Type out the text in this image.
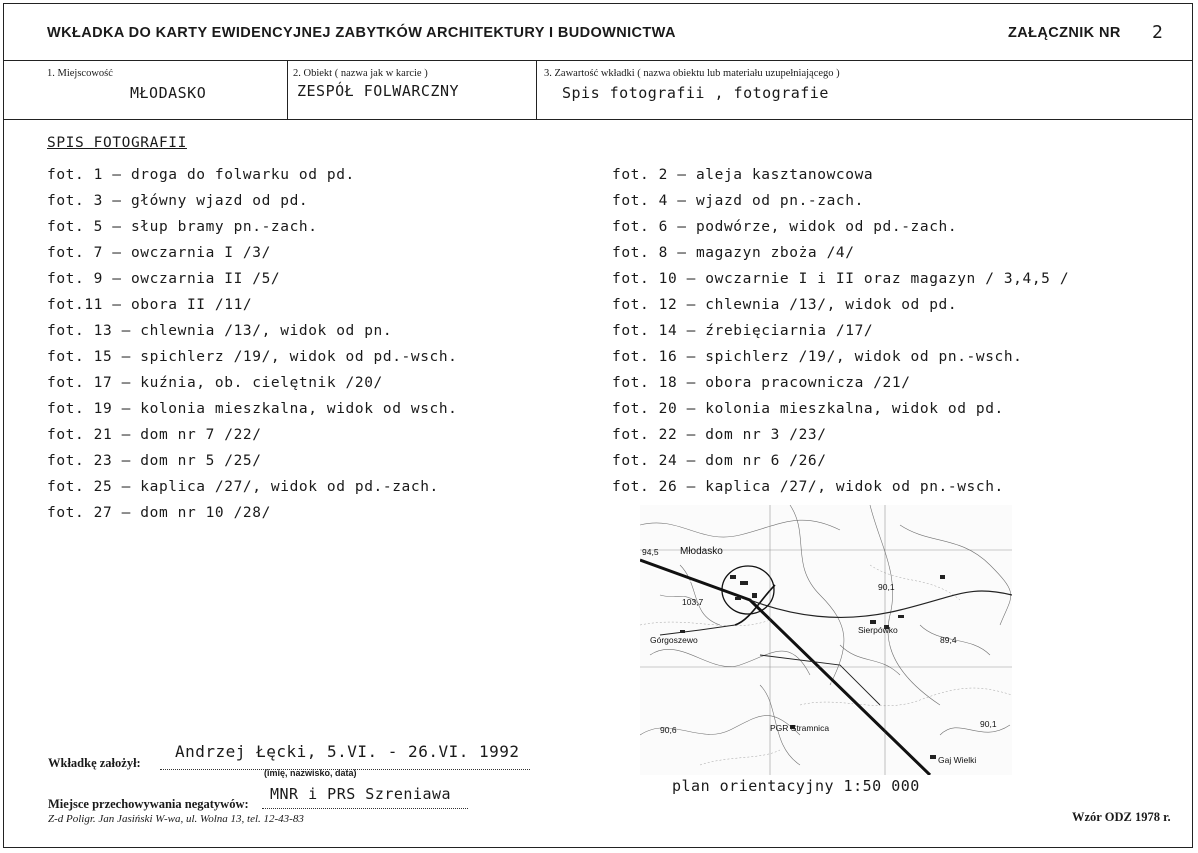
WKŁADKA DO KARTY EWIDENCYJNEJ ZABYTKÓW ARCHITEKTURY I BUDOWNICTWA	ZAŁĄCZNIK NR 2
1. Miejscowość
MŁODASKO
2. Obiekt ( nazwa jak w karcie )
ZESPÓŁ FOLWARCZNY
3. Zawartość wkładki ( nazwa obiektu lub materiału uzupełniającego )
Spis fotografii , fotografie
SPIS FOTOGRAFII
fot. 1 – droga do folwarku od pd.
fot. 3 – główny wjazd od pd.
fot. 5 – słup bramy pn.-zach.
fot. 7 – owczarnia I /3/
fot. 9 – owczarnia II /5/
fot.11 – obora II /11/
fot. 13 – chlewnia /13/, widok od pn.
fot. 15 – spichlerz /19/, widok od pd.-wsch.
fot. 17 – kuźnia, ob. cielętnik /20/
fot. 19 – kolonia mieszkalna, widok od wsch.
fot. 21 – dom nr 7 /22/
fot. 23 – dom nr 5 /25/
fot. 25 – kaplica /27/, widok od pd.-zach.
fot. 27 – dom nr 10 /28/
fot. 2 – aleja kasztanowcowa
fot. 4 – wjazd od pn.-zach.
fot. 6 – podwórze, widok od pd.-zach.
fot. 8 – magazyn zboża /4/
fot. 10 – owczarnie I i II oraz magazyn / 3,4,5 /
fot. 12 – chlewnia /13/, widok od pd.
fot. 14 – źrebięciarnia /17/
fot. 16 – spichlerz /19/, widok od pn.-wsch.
fot. 18 – obora pracownicza /21/
fot. 20 – kolonia mieszkalna, widok od pd.
fot. 22 – dom nr 3 /23/
fot. 24 – dom nr 6 /26/
fot. 26 – kaplica /27/, widok od pn.-wsch.
Młodasko
Górgoszewo
Sierpówko
PGR Stramnica
Gaj Wielki
94,5
103,7
90,1
89,4
90,6
90,1
plan orientacyjny 1:50 000
Wkładkę założył:
Andrzej Łęcki, 5.VI. - 26.VI. 1992
(imię, nazwisko, data)
Miejsce przechowywania negatywów:
MNR i PRS Szreniawa
Z-d Poligr. Jan Jasiński W-wa, ul. Wolna 13, tel. 12-43-83	Wzór ODZ 1978 r.
